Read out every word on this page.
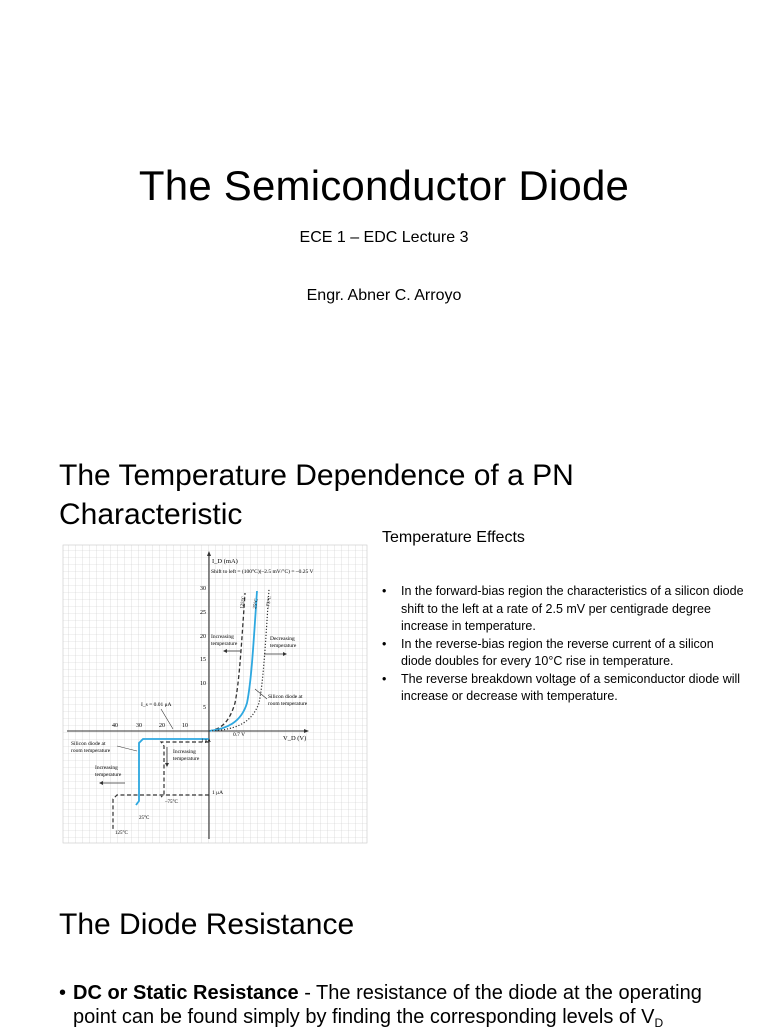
The Semiconductor Diode
ECE 1 – EDC Lecture 3
Engr. Abner C. Arroyo
The Temperature Dependence of a PN Characteristic
I_D (mA)
V_D (V)
Shift to left = (100°C)(–2.5 mV/°C) = –0.25 V
30
25
20
15
10
5
40	30	20	10
125°C 25°C –75°C
125°C
25°C
–75°C
Increasing
temperature
Decreasing
temperature
Silicon diode at
room temperature
0.7 V
I_s = 0.01 μA
Silicon diode at
room temperature	Increasing
temperature
Increasing
temperature
1 pA
1 μA
Temperature Effects
• In the forward-bias region the characteristics of a silicon diode shift to the left at a rate of 2.5 mV per centigrade degree increase in temperature.
• In the reverse-bias region the reverse current of a silicon diode doubles for every 10°C rise in temperature.
• The reverse breakdown voltage of a semiconductor diode will increase or decrease with temperature.
The Diode Resistance
• DC or Static Resistance - The resistance of the diode at the operating point can be found simply by finding the corresponding levels of $V_D$
